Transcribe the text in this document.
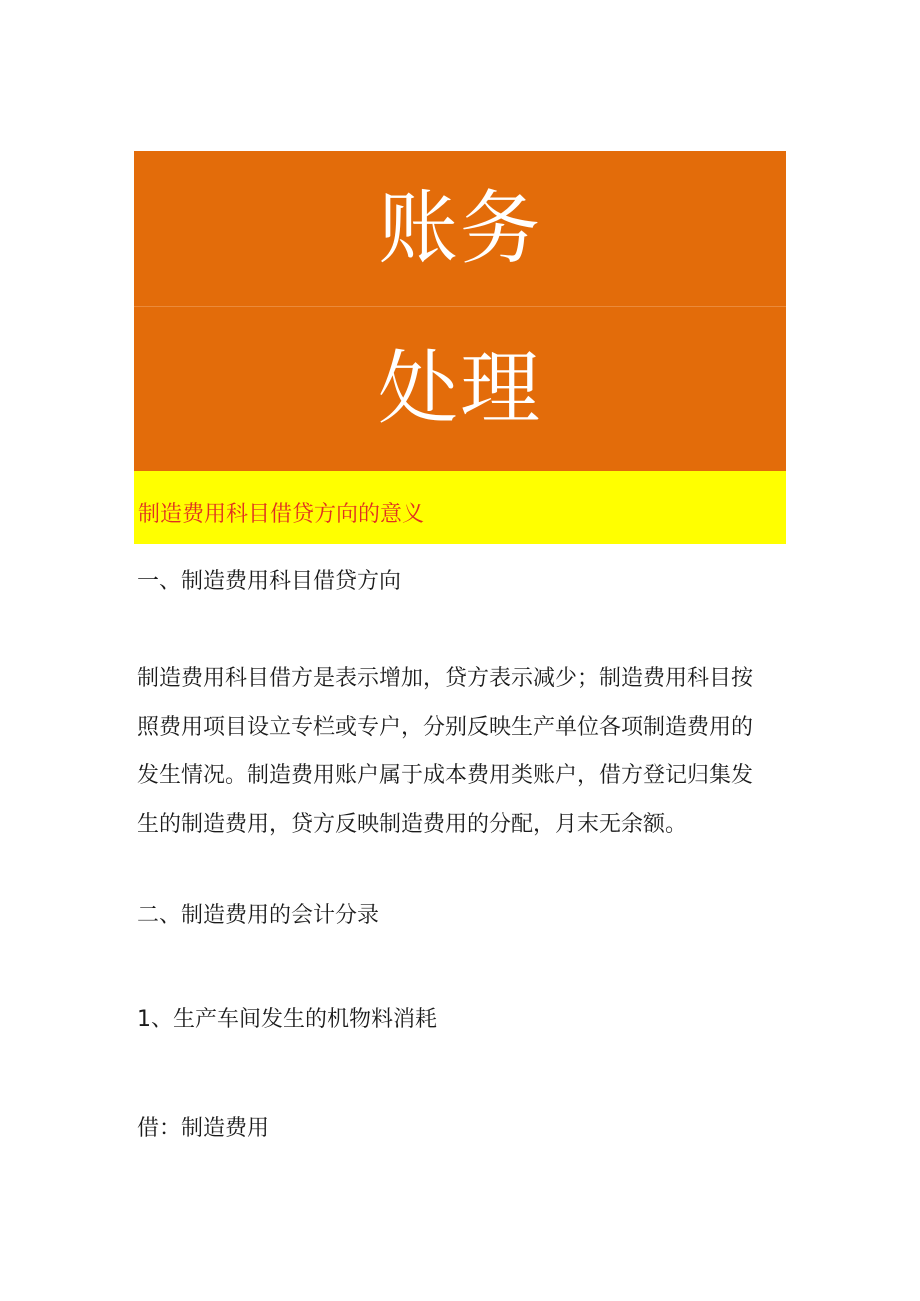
账务
处理
制造费用科目借贷方向的意义
一、制造费用科目借贷方向
制造费用科目借方是表示增加，贷方表示减少；制造费用科目按
照费用项目设立专栏或专户，分别反映生产单位各项制造费用的
发生情况。制造费用账户属于成本费用类账户，借方登记归集发
生的制造费用，贷方反映制造费用的分配，月末无余额。
二、制造费用的会计分录
1、生产车间发生的机物料消耗
借：制造费用
